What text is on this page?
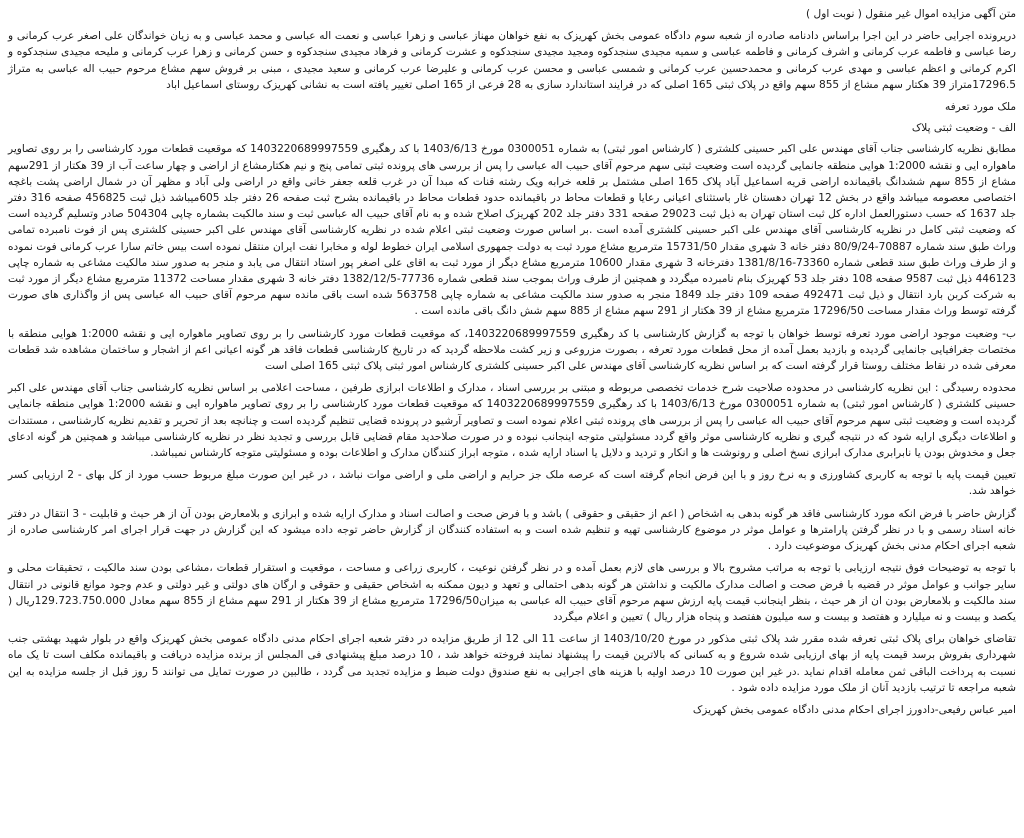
متن آگهی مزایده اموال غیر منقول ( نوبت اول )

دریرونده اجرایی حاضر در این اجرا براساس دادنامه صادره از شعبه سوم دادگاه عمومی بخش کهریزک به نفع خواهان مهناز عباسی و زهرا عباسی و نعمت اله عباسی و محمد عباسی و به زیان خواندگان علی اصغر عرب کرمانی و رضا عباسی و فاطمه عرب کرمانی و اشرف کرمانی و فاطمه عباسی و سمیه مجیدی سنجدکوه ومجید مجیدی سنجدکوه و عشرت کرمانی و فرهاد مجیدی سنجدکوه و حسن کرمانی و زهرا عرب کرمانی و ملیحه مجیدی سنجدکوه و اکرم کرمانی و اعظم عباسی و مهدی عرب کرمانی و محمدحسین عرب کرمانی و شمسی عباسی و محسن عرب کرمانی و علیرضا عرب کرمانی و سعید مجیدی ، مبنی بر فروش سهم مشاع مرحوم حبیب اله عباسی به متراژ 17296.5متراز 39 هکتار سهم مشاع از 855 سهم واقع در پلاک ثبتی 165 اصلی که در فرایند استاندارد سازی به 28 فرعی از 165 اصلی تغییر یافته است به نشانی کهریزک روستای اسماعیل اباد

ملک مورد تعرفه

الف - وضعیت ثبتی پلاک

مطابق نظریه کارشناسی جناب آقای مهندس علی اکبر حسینی کلشتری ( کارشناس امور ثبتی) به شماره 0300051 مورخ 1403/6/13 با کد رهگیری 1403220689997559 که موقعیت قطعات مورد کارشناسی را بر روی تصاویر ماهواره ایی و نقشه 1:2000 هوایی منطقه جانمایی گردیده است وضعیت ثبتی سهم مرحوم آقای حبیب اله عباسی را پس از بررسی های پرونده ثبتی تمامی پنج و نیم هکتارمشاع از اراضی و چهار ساعت آب از 39 هکتار از 291سهم مشاع از 855 سهم ششدانگ باقیمانده اراضی قریه اسماعیل آباد پلاک 165 اصلی مشتمل بر قلعه خرابه ویک رشته قنات که مبدا آن در غرب قلعه جعفر خانی واقع در اراضی ولی آباد و مظهر آن در شمال اراضی پشت باغچه اختصاصی معصومه میباشد واقع در بخش 12 تهران دهستان غار باستثنای اعیانی رعایا و قطعات محاط در باقیمانده حدود قطعات محاط در باقیمانده بشرح ثبت صفحه 26 دفتر جلد 605میباشد ذیل ثبت 456825 صفحه 316 دفتر جلد 1637 که حسب دستورالعمل اداره کل ثبت استان تهران به ذیل ثبت 29023 صفحه 331 دفتر جلد 202 کهریزک اصلاح شده و به نام آقای حبیب اله عباسی ثبت و سند مالکیت بشماره چاپی 504304 صادر وتسلیم گردیده است که وضعیت ثبتی کامل در نظریه کارشناسی آقای مهندس علی اکبر حسینی کلشتری آمده است .بر اساس صورت وضعیت ثبتی اعلام شده در نظریه کارشناسی آقای مهندس علی اکبر حسینی کلشتری پس از فوت نامبرده تمامی وراث طبق سند شماره 70887-80/9/24 دفتر خانه 3 شهری مقدار 15731/50 مترمربع مشاع مورد ثبت به دولت جمهوری اسلامی ایران خطوط لوله و مخابرا نفت ایران منتقل نموده است بیس خاتم سارا عرب کرمانی فوت نموده و از طرف وراث طبق سند قطعی شماره 73360-1381/8/16 دفترخانه 3 شهری مقدار 10600 مترمربع مشاع دیگر از مورد ثبت به اقای علی اصغر پور استاد انتقال می یابد و منجر به صدور سند مالکیت مشاعی به شماره چاپی 446123 ذیل ثبت 9587 صفحه 108 دفتر جلد 53 کهریزک بنام نامبرده میگردد و همچنین از طرف وراث بموجب سند قطعی شماره 77736-1382/12/5 دفتر خانه 3 شهری مقدار مساحت 11372 مترمربع مشاع دیگر از مورد ثبت به شرکت کربن بارد انتقال و ذیل ثبت 492471 صفحه 109 دفتر جلد 1849 منجر به صدور سند مالکیت مشاعی به شماره چاپی 563758 شده است باقی مانده سهم مرحوم آقای حبیب اله عباسی پس از واگذاری های صورت گرفته توسط وراث مقدار مساحت 17296/50 مترمربع مشاع از 39 هکتار از 291 سهم مشاع از 885 سهم شش دانگ باقی مانده است .

ب- وضعیت موجود اراضی مورد تعرفه توسط خواهان با توجه به گزارش کارشناسی با کد رهگیری 1403220689997559، که موقعیت قطعات مورد کارشناسی را بر روی تصاویر ماهواره ایی و نقشه 1:2000 هوایی منطقه با مختصات جغرافیایی جانمایی گردیده و بازدید بعمل آمده از محل قطعات مورد تعرفه ، بصورت مزروعی و زیر کشت ملاحظه گردید که در تاریخ کارشناسی قطعات فاقد هر گونه اعیانی اعم از اشجار و ساختمان مشاهده شد قطعات معرفی شده در نقاط مختلف روستا قرار گرفته است که بر اساس نظریه کارشناسی آقای مهندس علی اکبر حسینی کلشتری کارشناس امور ثبتی پلاک ثبتی 165 اصلی است

محدوده رسیدگی : این نظریه کارشناسی در محدوده صلاحیت شرح خدمات تخصصی مربوطه و مبتنی بر بررسی اسناد ، مدارک و اطلاعات ابرازی طرفین ، مساحت اعلامی بر اساس نظریه کارشناسی جناب آقای مهندس علی اکبر حسینی کلشتری ( کارشناس امور ثبتی) به شماره 0300051 مورخ 1403/6/13 با کد رهگیری 1403220689997559 که موقعیت قطعات مورد کارشناسی را بر روی تصاویر ماهواره ایی و نقشه 1:2000 هوایی منطقه جانمایی گردیده است و وضعیت ثبتی سهم مرحوم آقای حبیب اله عباسی را پس از بررسی های پرونده ثبتی اعلام نموده است و تصاویر آرشیو در پرونده قضایی تنظیم گردیده است و چنانچه بعد از تحریر و تقدیم نظریه کارشناسی ، مستندات و اطلاعات دیگری ارایه شود که در نتیجه گیری و نظریه کارشناسی موثر واقع گردد مسئولیتی متوجه اینجانب نبوده و در صورت صلاحدید مقام قضایی قابل بررسی و تجدید نظر در نظریه کارشناسی میباشد و همچنین هر گونه ادعای جعل و مخدوش بودن یا نابرابری مدارک ابرازی نسخ اصلی و رونوشت ها و انکار و تردید و دلایل یا اسناد ارایه شده ، متوجه ابراز کنندگان مدارک و اطلاعات بوده و مسئولیتی متوجه کارشناس نمیباشد.

تعیین قیمت پایه با توجه به کاربری کشاورزی و به نرخ روز و با این فرض انجام گرفته است که عرصه ملک جز حرایم و اراضی ملی و اراضی موات نباشد ، در غیر این صورت مبلغ مربوط حسب مورد از کل بهای - 2 ارزیابی کسر خواهد شد.

گزارش حاضر با فرض انکه مورد کارشناسی فاقد هر گونه بدهی به اشخاص ( اعم از حقیقی و حقوقی ) باشد و با فرض صحت و اصالت اسناد و مدارک ارایه شده و ابرازی و بلامعارض بودن آن از هر حیث و قابلیت - 3 انتقال در دفتر خانه اسناد رسمی و با در نظر گرفتن پارامترها و عوامل موثر در موضوع کارشناسی تهیه و تنظیم شده است و به استفاده کنندگان از گزارش حاضر توجه داده میشود که این گزارش در جهت قرار اجرای امر کارشناسی صادره از شعبه اجرای احکام مدنی بخش کهریزک موضوعیت دارد .

با توجه به توضیحات فوق نتیجه ارزیابی با توجه به مراتب مشروح بالا و بررسی های لازم بعمل آمده و در نظر گرفتن نوعیت ، کاربری زراعی و مساحت ، موقعیت و استقرار قطعات ،مشاعی بودن سند مالکیت ، تحقیقات محلی و سایر جوانب و عوامل موثر در قضیه با فرض صحت و اصالت مدارک مالکیت و نداشتن هر گونه بدهی احتمالی و تعهد و دیون ممکنه به اشخاص حقیقی و حقوقی و ارگان های دولتی و غیر دولتی و عدم وجود موانع قانونی در انتقال سند مالکیت و بلامعارض بودن ان از هر حیث ، بنظر اینجانب قیمت پایه ارزش سهم مرحوم آقای حبیب اله عباسی به میزان17296/50 مترمربع مشاع از 39 هکتار از 291 سهم مشاع از 855 سهم معادل 129.723.750.000ریال ( یکصد و بیست و نه میلیارد و هفتصد و بیست و سه میلیون هفتصد و پنجاه هزار ریال ) تعیین و اعلام میگردد

تقاضای خواهان برای پلاک ثبتی تعرفه شده مقرر شد پلاک ثبتی مذکور در مورخ 1403/10/20 از ساعت 11 الی 12 از طریق مزایده در دفتر شعبه اجرای احکام مدنی دادگاه عمومی بخش کهریزک واقع در بلوار شهید بهشتی جنب شهرداری بفروش برسد قیمت پایه از بهای ارزیابی شده شروع و به کسانی که بالاترین قیمت را پیشنهاد نمایند فروخته خواهد شد ، 10 درصد مبلغ پیشنهادی فی المجلس از برنده مزایده دریافت و باقیمانده مکلف است تا یک ماه نسبت به پرداخت الباقی ثمن معامله اقدام نماید .در غیر این صورت 10 درصد اولیه با هزینه های اجرایی به نفع صندوق دولت ضبط و مزایده تجدید می گردد ، طالبین در صورت تمایل می توانند 5 روز قبل از جلسه مزایده به این شعبه مراجعه تا ترتیب بازدید آنان از ملک مورد مزایده داده شود .

امیر عباس رفیعی-دادورز اجرای احکام مدنی دادگاه عمومی بخش کهریزک
